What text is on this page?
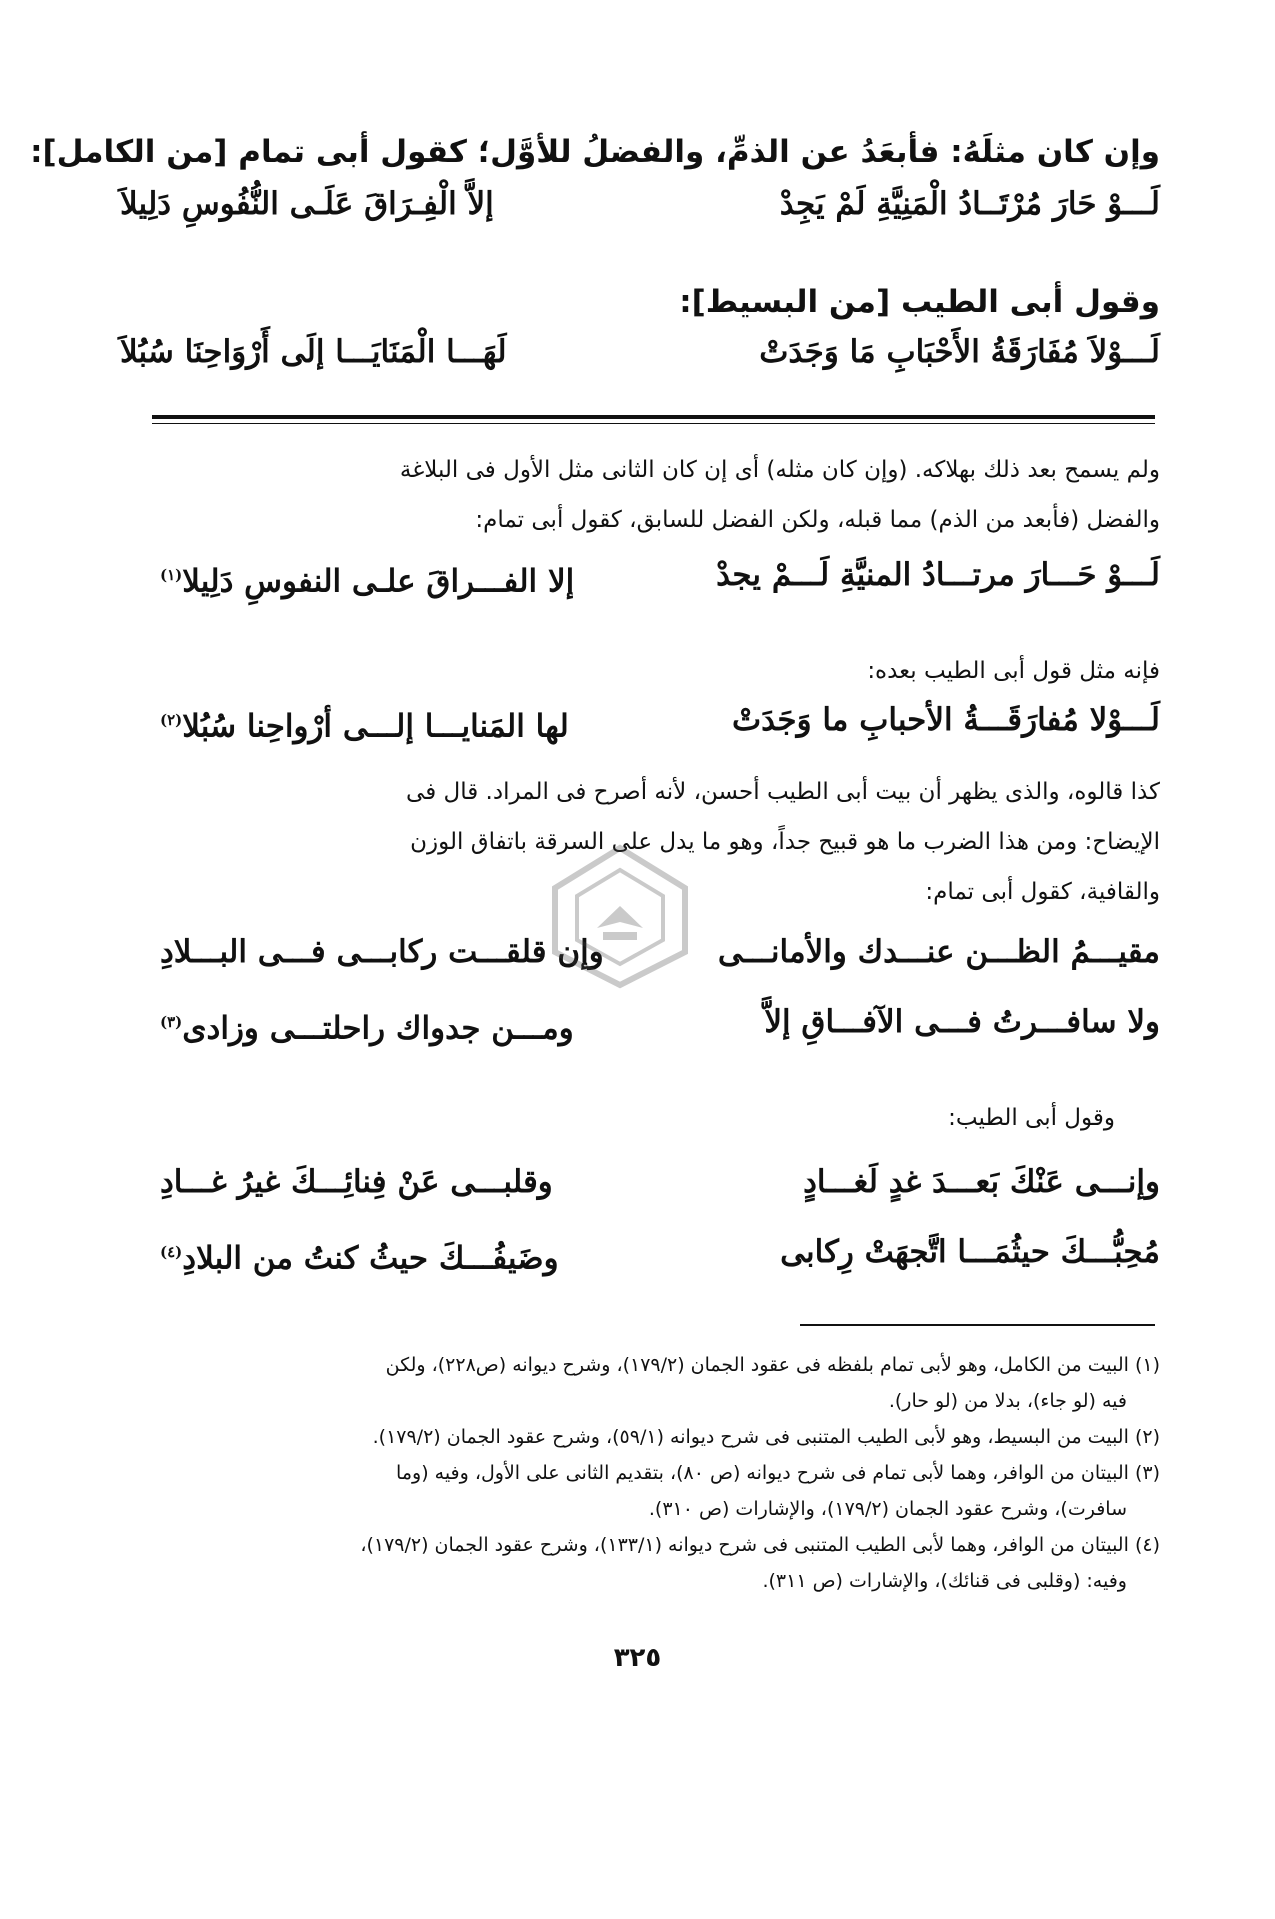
وإن كان مثلَهُ: فأبعَدُ عن الذمِّ، والفضلُ للأوَّل؛ كقول أبى تمام [من الكامل]:
لَـــوْ حَارَ مُرْتَــادُ الْمَنِيَّةِ لَمْ يَجِدْ
إلاَّ الْفِـرَاقَ عَلَـى النُّفُوسِ دَلِيلاَ
وقول أبى الطيب [من البسيط]:
لَـــوْلاَ مُفَارَقَةُ الأَحْبَابِ مَا وَجَدَتْ
لَهَـــا الْمَنَايَـــا إلَى أَرْوَاحِنَا سُبُلاَ
ولم يسمح بعد ذلك بهلاكه. (وإن كان مثله) أى إن كان الثانى مثل الأول فى البلاغة
والفضل (فأبعد من الذم) مما قبله، ولكن الفضل للسابق، كقول أبى تمام:
لَـــوْ حَـــارَ مرتـــادُ المنيَّةِ لَـــمْ يجدْ
إلا الفـــراقَ علـى النفوسِ دَلِيلا$^{(١)}$
فإنه مثل قول أبى الطيب بعده:
لَـــوْلا مُفارَقَـــةُ الأحبابِ ما وَجَدَتْ
لها المَنايـــا إلـــى أرْواحِنا سُبُلا$^{(٢)}$
كذا قالوه، والذى يظهر أن بيت أبى الطيب أحسن، لأنه أصرح فى المراد. قال فى
الإيضاح: ومن هذا الضرب ما هو قبيح جداً، وهو ما يدل على السرقة باتفاق الوزن
والقافية، كقول أبى تمام:
مقيـــمُ الظـــن عنـــدك والأمانـــى
وإن قلقـــت ركابـــى فـــى البـــلادِ
ولا سافـــرتُ فـــى الآفـــاقِ إلاَّ
ومـــن جدواك راحلتـــى وزادى$^{(٣)}$
وقول أبى الطيب:
وإنـــى عَنْكَ بَعـــدَ غدٍ لَغـــادٍ
وقلبـــى عَنْ فِنائِـــكَ غيرُ غـــادِ
مُحِبُّـــكَ حيثُمَـــا اتَّجهَتْ رِكابى
وضَيفُـــكَ حيثُ كنتُ من البلادِ$^{(٤)}$
(١) البيت من الكامل، وهو لأبى تمام بلفظه فى عقود الجمان (١٧٩/٢)، وشرح ديوانه (ص٢٢٨)، ولكن
فيه (لو جاء)، بدلا من (لو حار).
(٢) البيت من البسيط، وهو لأبى الطيب المتنبى فى شرح ديوانه (٥٩/١)، وشرح عقود الجمان (١٧٩/٢).
(٣) البيتان من الوافر، وهما لأبى تمام فى شرح ديوانه (ص ٨٠)، بتقديم الثانى على الأول، وفيه (وما
سافرت)، وشرح عقود الجمان (١٧٩/٢)، والإشارات (ص ٣١٠).
(٤) البيتان من الوافر، وهما لأبى الطيب المتنبى فى شرح ديوانه (١٣٣/١)، وشرح عقود الجمان (١٧٩/٢)،
وفيه: (وقلبى فى قنائك)، والإشارات (ص ٣١١).
٣٢٥
